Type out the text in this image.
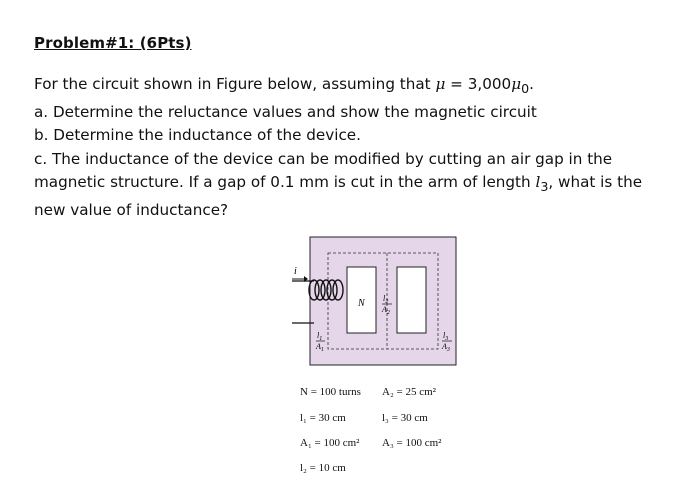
Problem#1: (6Pts)
For the circuit shown in Figure below, assuming that $\mu = 3,000\mu_0$.
a. Determine the reluctance values and show the magnetic circuit
b. Determine the inductance of the device.
c. The inductance of the device can be modified by cutting an air gap in the
magnetic structure. If a gap of 0.1 mm is cut in the arm of length $l_3$, what is the
new value of inductance?
i
N
$l_1$
$A_1$
$l_2$
$A_2$
$l_3$
$A_3$
N = 100 turns A₂ = 25 cm²
l₁ = 30 cm	l₃ = 30 cm
A₁ = 100 cm² A₃ = 100 cm²
l₂ = 10 cm
